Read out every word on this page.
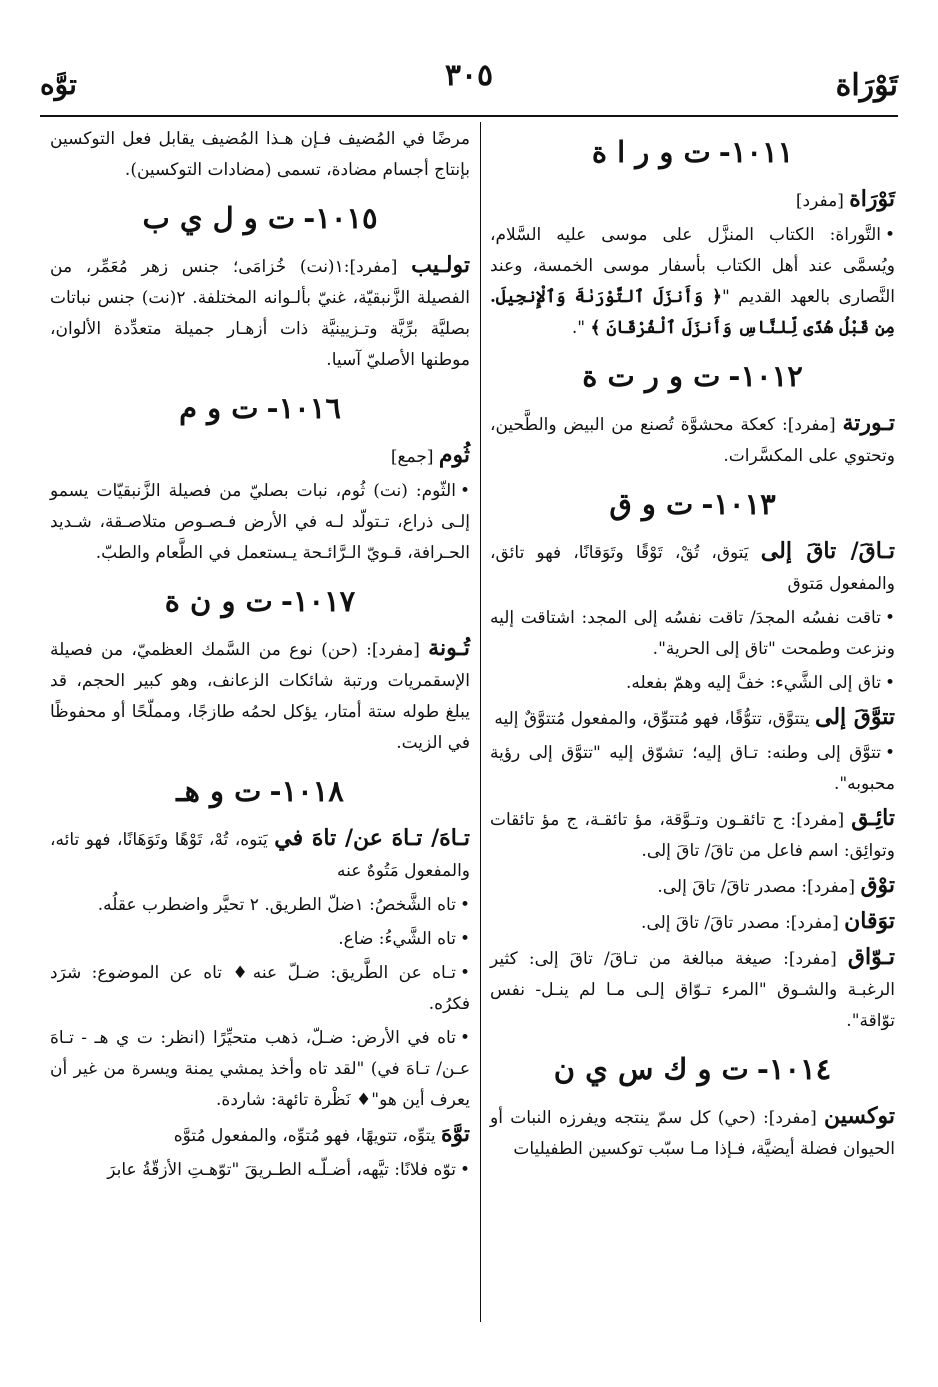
تَوْرَاة
٣٠٥
توَّه
١٠١١-ت و ر ا ة

تَوْرَاة [مفرد]

•التَّوراة: الكتاب المنزَّل على موسى عليه السَّلام، ويُسمَّى عند أهل الكتاب بأسفار موسى الخمسة، وعند النَّصارى بالعهد القديم "﴿ وَأَنزَلَ ٱلتَّوْرَىٰةَ وَٱلْإِنجِيلَ. مِن قَبْلُ هُدًى لِّلنَّاسِ وَأَنزَلَ ٱلْفُرْقَانَ ﴾ ".

١٠١٢-ت و ر ت ة

تـورتة [مفرد]: كعكة محشوَّة تُصنع من البيض والطَّحين، وتحتوي على المكسَّرات.

١٠١٣-ت و ق

تـاقَ/ تاقَ إلى يَتوق، تُقْ، تَوْقًا وتَوَقانًا، فهو تائق، والمفعول مَتوق

•تاقت نفسُه المجدَ/ تاقت نفسُه إلى المجد: اشتاقت إليه ونزعت وطمحت "تاق إلى الحرية".

•تاق إلى الشَّيء: خفَّ إليه وهمّ بفعله.

تتوَّقَ إلى يتتوَّق، تتوُّقًا، فهو مُتتوِّق، والمفعول مُتتوَّقٌ إليه

•تتوَّق إلى وطنه: تـاق إليه؛ تشوّق إليه "تتوَّق إلى رؤية محبوبه".

تائِـق [مفرد]: ج تائقـون وتـوَّقة، مؤ تائقـة، ج مؤ تائقات وتوائِق: اسم فاعل من تاقَ/ تاقَ إلى.

توْق [مفرد]: مصدر تاقَ/ تاقَ إلى.

توَقان [مفرد]: مصدر تاقَ/ تاقَ إلى.

تـوّاق [مفرد]: صيغة مبالغة من تـاقَ/ تاقَ إلى: كثير الرغبـة والشـوق "المرء تـوّاق إلـى مـا لم ينـل- نفس توّاقة".

١٠١٤-ت و ك س ي ن

توكسين [مفرد]: (حي) كل سمّ ينتجه ويفرزه النبات أو الحيوان فضلة أيضيَّة، فـإذا مـا سبّب توكسين الطفيليات

مرضًا في المُضيف فـإن هـذا المُضيف يقابل فعل التوكسين بإنتاج أجسام مضادة، تسمى (مضادات التوكسين).

١٠١٥-ت و ل ي ب

تولـيب [مفرد]:١(نت) خُزامَى؛ جنس زهر مُعَمِّر، من الفصيلة الزَّنبقيّة، غنيّ بألـوانه المختلفة. ٢(نت) جنس نباتات بصليَّة برِّيَّة وتـزيينيَّة ذات أزهـار جميلة متعدِّدة الألوان، موطنها الأصليّ آسيا.

١٠١٦-ت و م

ثُوم [جمع]

•الثّوم: (نت) ثُوم، نبات بصليّ من فصيلة الزَّنبقيّات يسمو إلـى ذراع، تـتولّد لـه في الأرض فـصـوص متلاصـقة، شـديد الحـرافة، قـويّ الـرَّائـحة يـستعمل في الطَّعام والطبّ.

١٠١٧-ت و ن ة

تُـونة [مفرد]: (حن) نوع من السَّمك العظميّ، من فصيلة الإسقمريات ورتبة شائكات الزعانف، وهو كبير الحجم، قد يبلغ طوله ستة أمتار، يؤكل لحمُه طازجًا، ومملّحًا أو محفوظًا في الزيت.

١٠١٨-ت و هـ

تـاهَ/ تـاهَ عن/ تاهَ في يَتوه، تُهْ، تَوْهًا وتَوَهَانًا، فهو تائه، والمفعول مَتُوهٌ عنه

•تاه الشَّخصُ: ١ضلّ الطريق. ٢ تحيَّر واضطرب عقلُه.

•تاه الشَّيءُ: ضاع.

•تـاه عن الطَّريق: ضـلّ عنه♦ تاه عن الموضوع: شرَد فكرُه.

•تاه في الأرض: ضـلّ، ذهب متحيِّرًا (انظر: ت ي هـ - تـاهَ عـن/ تـاهَ في) "لقد تاه وأخذ يمشي يمنة ويسرة من غير أن يعرف أين هو"♦ نَظْرة تائهة: شاردة.

توَّهَ يتوِّه، تتويهًا، فهو مُتوِّه، والمفعول مُتوَّه

•توّه فلانًا: تيَّهه، أضـلّـه الطـريقَ "توّهـتِ الأزقّةُ عابرَ
